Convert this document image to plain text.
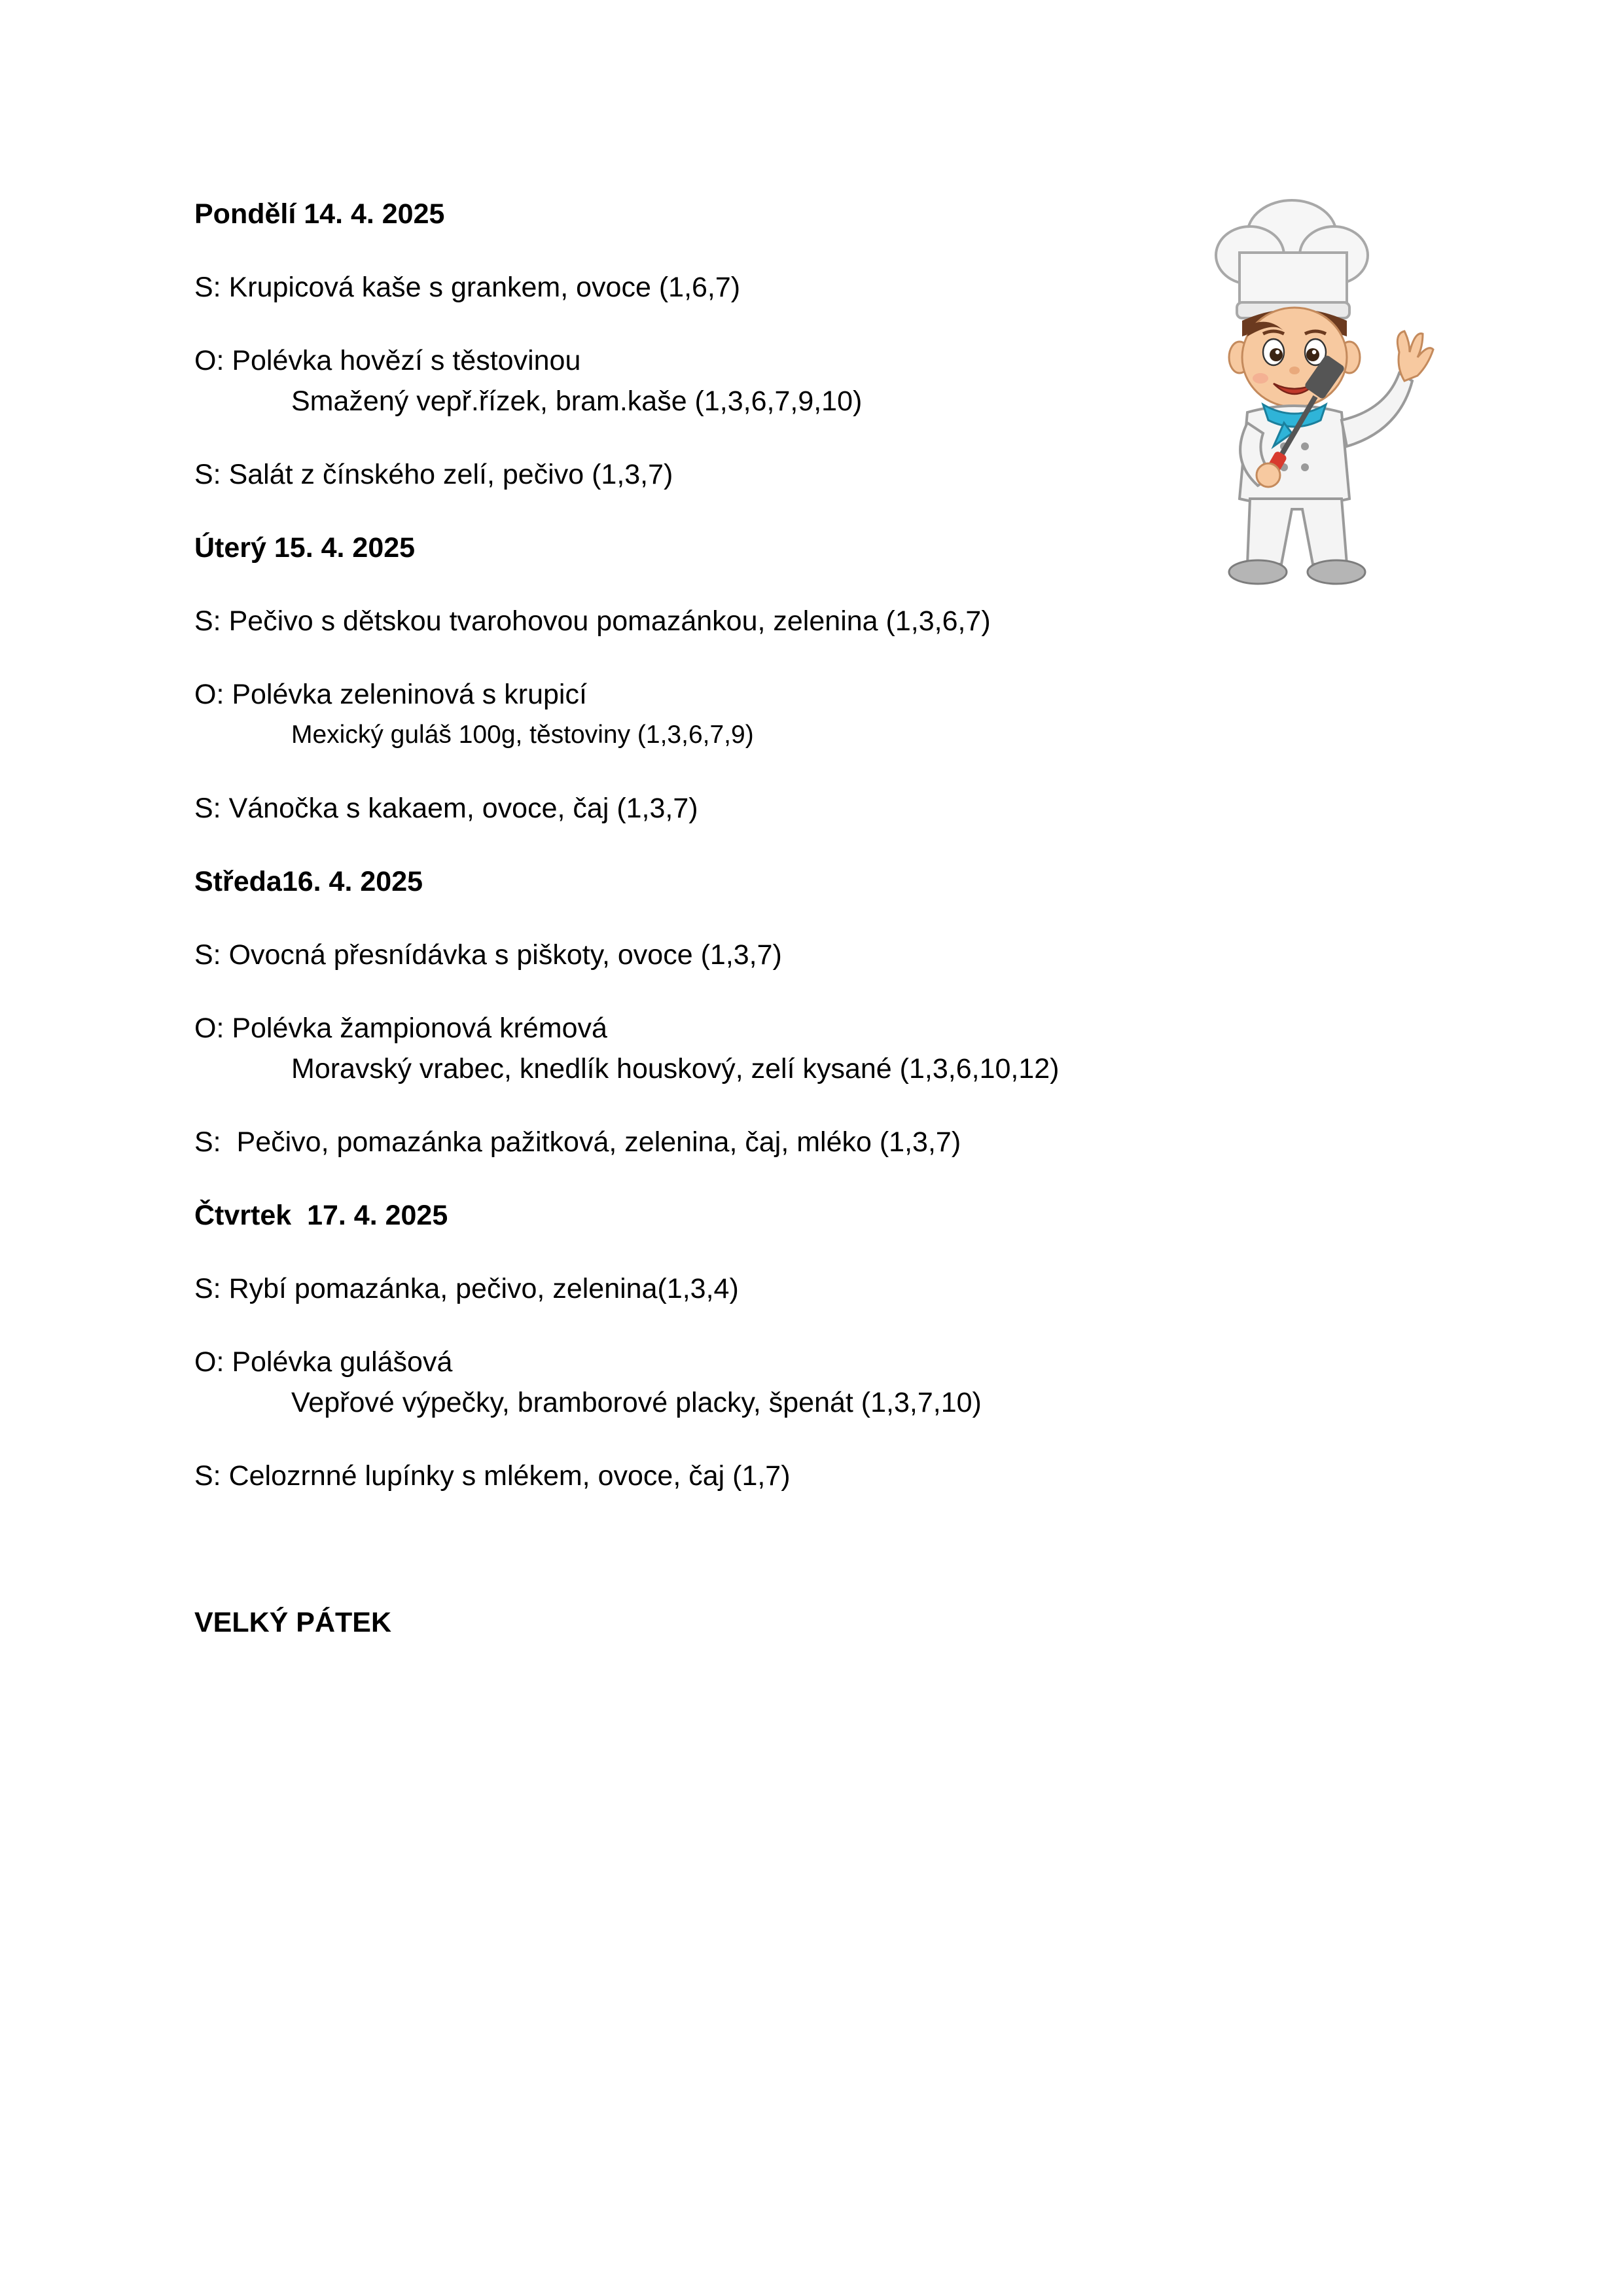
Pondělí 14. 4. 2025
S: Krupicová kaše s grankem, ovoce (1,6,7)
O: Polévka hovězí s těstovinou
Smažený vepř.řízek, bram.kaše (1,3,6,7,9,10)
S: Salát z čínského zelí, pečivo (1,3,7)
Úterý 15. 4. 2025
S: Pečivo s dětskou tvarohovou pomazánkou, zelenina (1,3,6,7)
O: Polévka zeleninová s krupicí
Mexický guláš 100g, těstoviny (1,3,6,7,9)
S: Vánočka s kakaem, ovoce, čaj (1,3,7)
Středa16. 4. 2025
S: Ovocná přesnídávka s piškoty, ovoce (1,3,7)
O: Polévka žampionová krémová
Moravský vrabec, knedlík houskový, zelí kysané (1,3,6,10,12)
S:  Pečivo, pomazánka pažitková, zelenina, čaj, mléko (1,3,7)
Čtvrtek  17. 4. 2025
S: Rybí pomazánka, pečivo, zelenina(1,3,4)
O: Polévka gulášová
Vepřové výpečky, bramborové placky, špenát (1,3,7,10)
S: Celozrnné lupínky s mlékem, ovoce, čaj (1,7)
VELKÝ PÁTEK
